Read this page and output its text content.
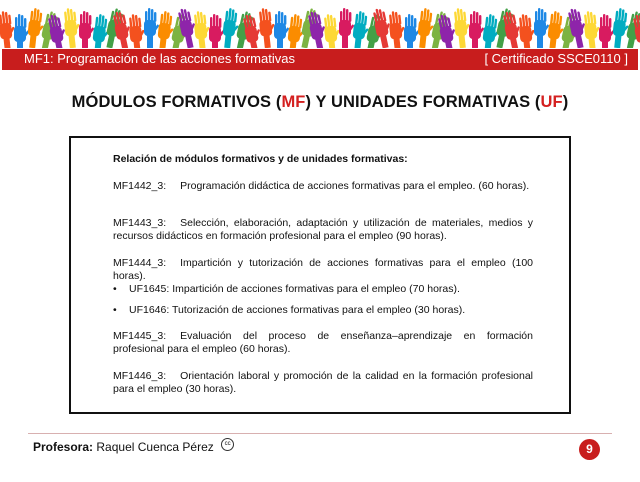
MF1: Programación de las acciones formativas	[ Certificado SSCE0110 ]
MÓDULOS FORMATIVOS (MF) Y UNIDADES FORMATIVAS (UF)
Relación de módulos formativos y de unidades formativas:
MF1442_3: Programación didáctica de acciones formativas para el empleo. (60 horas).
MF1443_3: Selección, elaboración, adaptación y utilización de materiales, medios y recursos didácticos en formación profesional para el empleo (90 horas).
MF1444_3: Impartición y tutorización de acciones formativas para el empleo (100 horas).
• UF1645: Impartición de acciones formativas para el empleo (70 horas).
• UF1646: Tutorización de acciones formativas para el empleo (30 horas).
MF1445_3: Evaluación del proceso de enseñanza–aprendizaje en formación profesional para el empleo (60 horas).
MF1446_3: Orientación laboral y promoción de la calidad en la formación profesional para el empleo (30 horas).
Profesora: Raquel Cuenca Pérez cc	9
